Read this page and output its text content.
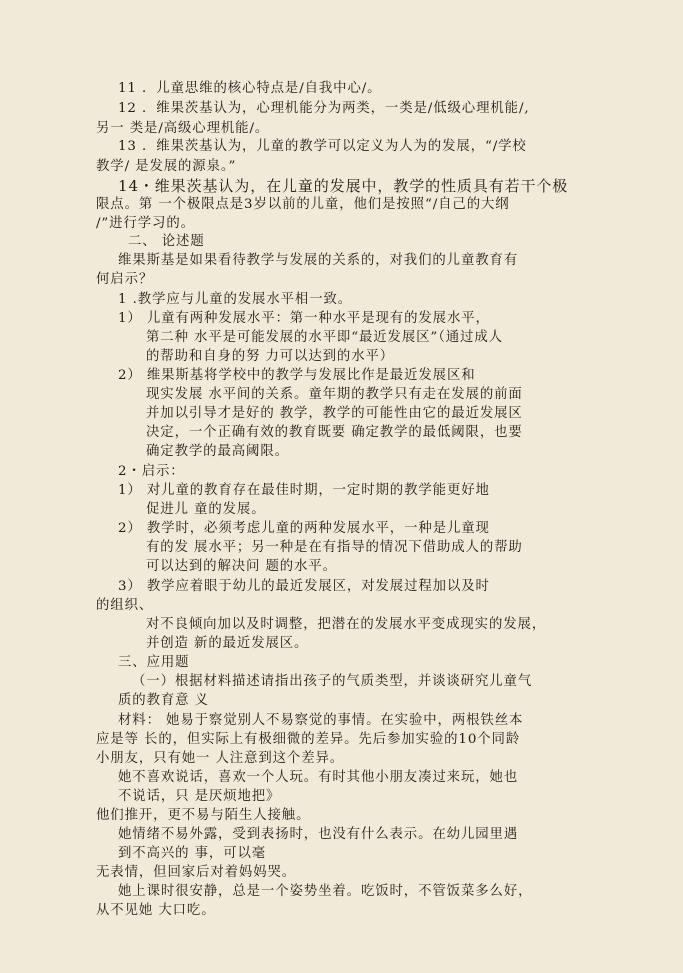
11 ．儿童思维的核心特点是/自我中心/。
12 ．维果茨基认为，心理机能分为两类，一类是/低级心理机能/,
另一 类是/高级心理机能/。
13 ．维果茨基认为，儿童的教学可以定义为人为的发展，“/学校
教学/ 是发展的源泉。”
14・维果茨基认为，在儿童的发展中，教学的性质具有若干个极
限点。第 一个极限点是3岁以前的儿童，他们是按照“/自己的大纲
/”进行学习的。
二、 论述题
维果斯基是如果看待教学与发展的关系的，对我们的儿童教育有
何启示？
1 .教学应与儿童的发展水平相一致。
1） 儿童有两种发展水平：第一种水平是现有的发展水平，
第二种 水平是可能发展的水平即“最近发展区”（通过成人
的帮助和自身的努 力可以达到的水平）
2） 维果斯基将学校中的教学与发展比作是最近发展区和
现实发展 水平间的关系。童年期的教学只有走在发展的前面
并加以引导才是好的 教学，教学的可能性由它的最近发展区
决定，一个正确有效的教育既要 确定教学的最低阈限，也要
确定教学的最高阈限。
2・启示：
1） 对儿童的教育存在最佳时期，一定时期的教学能更好地
促进儿 童的发展。
2） 教学时，必须考虑儿童的两种发展水平，一种是儿童现
有的发 展水平；另一种是在有指导的情况下借助成人的帮助
可以达到的解决问 题的水平。
3） 教学应着眼于幼儿的最近发展区，对发展过程加以及时
的组织、
对不良倾向加以及时调整，把潜在的发展水平变成现实的发展，
并创造 新的最近发展区。
三、应用题
（一）根据材料描述请指出孩子的气质类型，并谈谈研究儿童气
质的教育意 义
材料： 她易于察觉别人不易察觉的事情。在实验中，两根铁丝本
应是等 长的，但实际上有极细微的差异。先后参加实验的10个同龄
小朋友，只有她一 人注意到这个差异。
她不喜欢说话，喜欢一个人玩。有时其他小朋友凑过来玩，她也
不说话，只 是厌烦地把》
他们推开，更不易与陌生人接触。
她情绪不易外露，受到表扬时，也没有什么表示。在幼儿园里遇
到不高兴的 事，可以毫
无表情，但回家后对着妈妈哭。
她上课时很安静，总是一个姿势坐着。吃饭时，不管饭菜多么好，
从不见她 大口吃。
